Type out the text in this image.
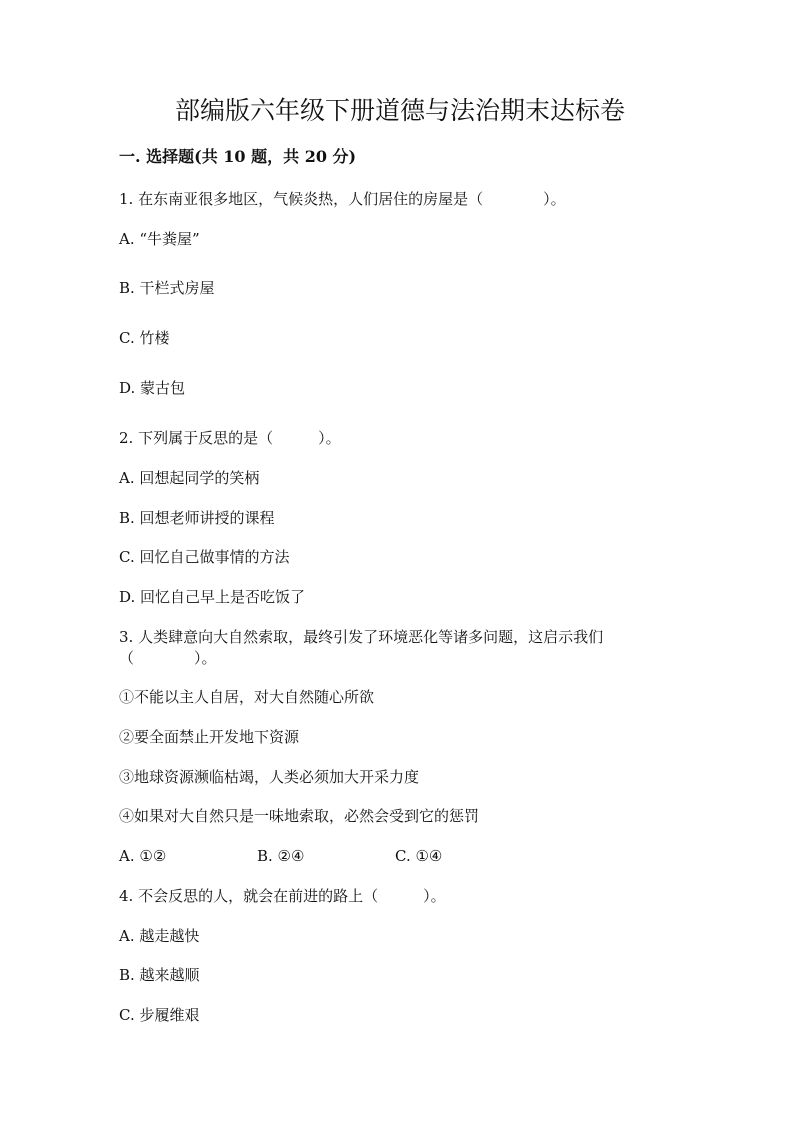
部编版六年级下册道德与法治期末达标卷
一. 选择题(共 10 题，共 20 分)

1. 在东南亚很多地区，气候炎热，人们居住的房屋是（　　　　）。

A. “牛粪屋”

B. 干栏式房屋

C. 竹楼

D. 蒙古包

2. 下列属于反思的是（　　　）。

A. 回想起同学的笑柄

B. 回想老师讲授的课程

C. 回忆自己做事情的方法

D. 回忆自己早上是否吃饭了

3. 人类肆意向大自然索取，最终引发了环境恶化等诸多问题，这启示我们

（　　　　）。

①不能以主人自居，对大自然随心所欲

②要全面禁止开发地下资源

③地球资源濒临枯竭，人类必须加大开采力度

④如果对大自然只是一味地索取，必然会受到它的惩罚

A. ①②	B. ②④	C. ①④

4. 不会反思的人，就会在前进的路上（　　　）。

A. 越走越快

B. 越来越顺

C. 步履维艰
